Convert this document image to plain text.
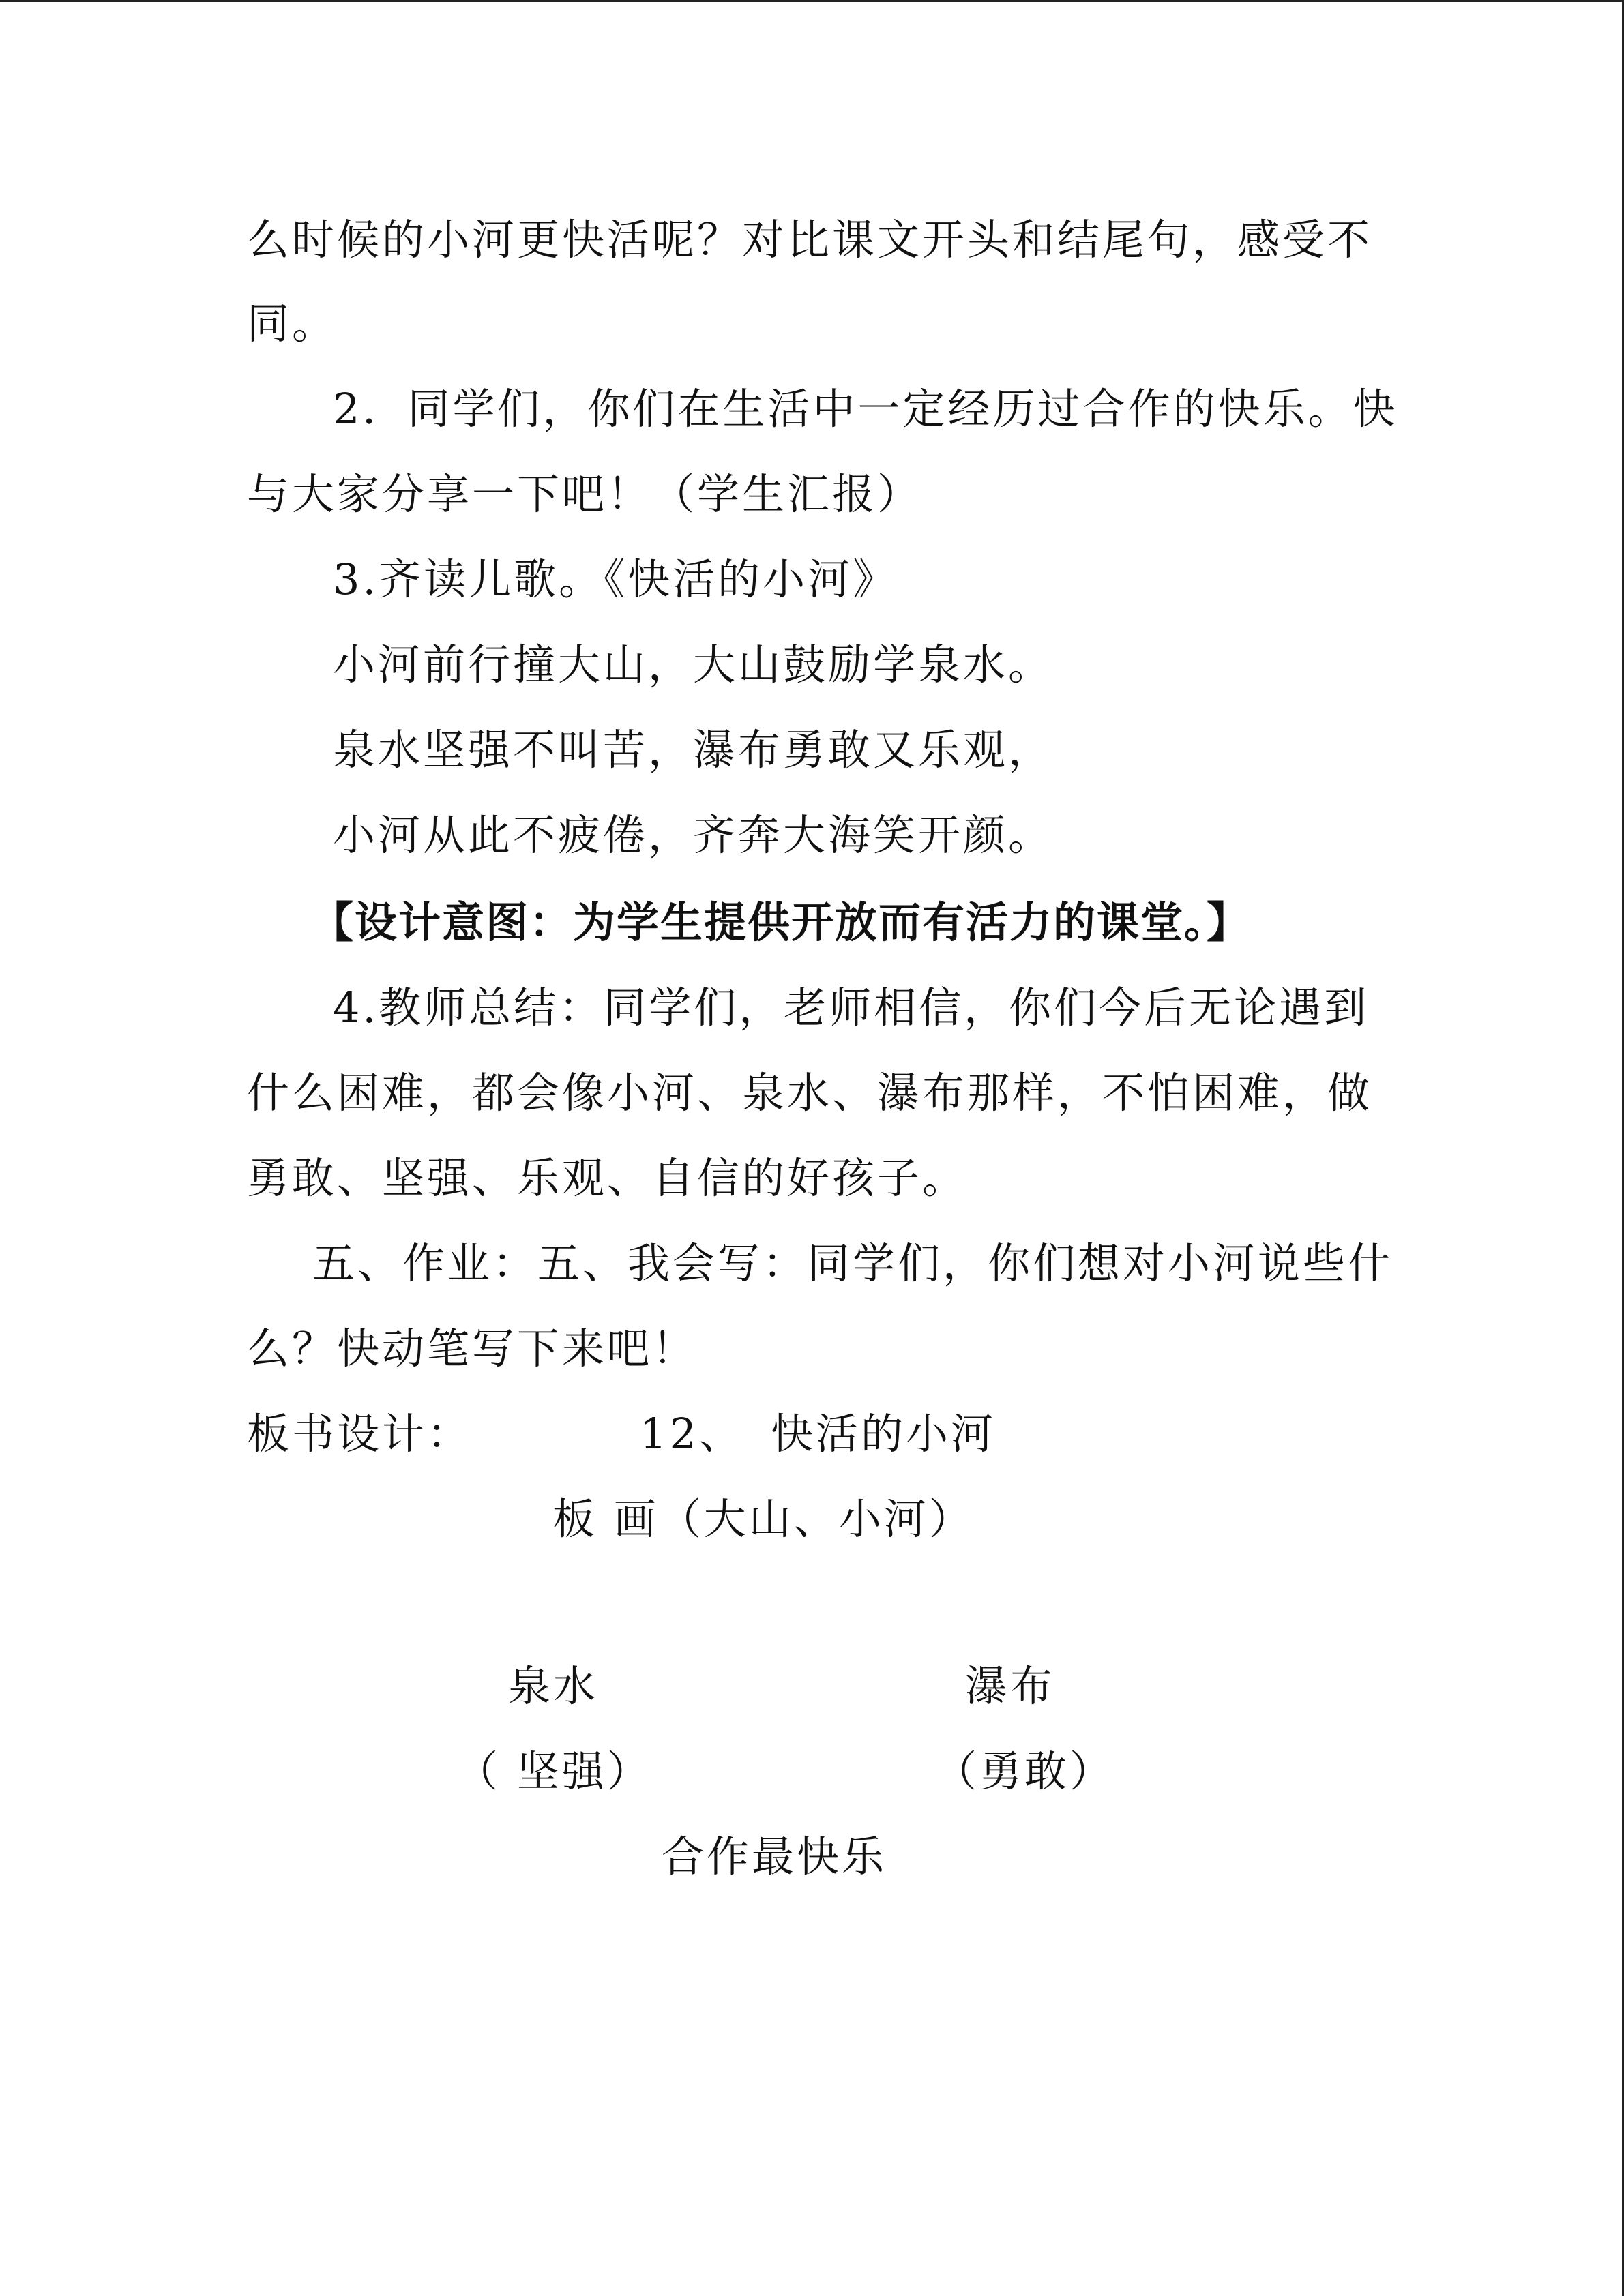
么时候的小河更快活呢？对比课文开头和结尾句，感受不
同。
2．同学们，你们在生活中一定经历过合作的快乐。快
与大家分享一下吧！（学生汇报）
3.齐读儿歌。《快活的小河》
小河前行撞大山，大山鼓励学泉水。
泉水坚强不叫苦，瀑布勇敢又乐观，
小河从此不疲倦，齐奔大海笑开颜。
【设计意图：为学生提供开放而有活力的课堂。】
4.教师总结：同学们，老师相信，你们今后无论遇到
什么困难，都会像小河、泉水、瀑布那样，不怕困难，做
勇敢、坚强、乐观、自信的好孩子。
五、作业：五、我会写：同学们，你们想对小河说些什
么？快动笔写下来吧！
板书设计：	12、 快活的小河
板 画（大山、小河）
泉水	瀑布
（ 坚强）	（勇敢）
合作最快乐
